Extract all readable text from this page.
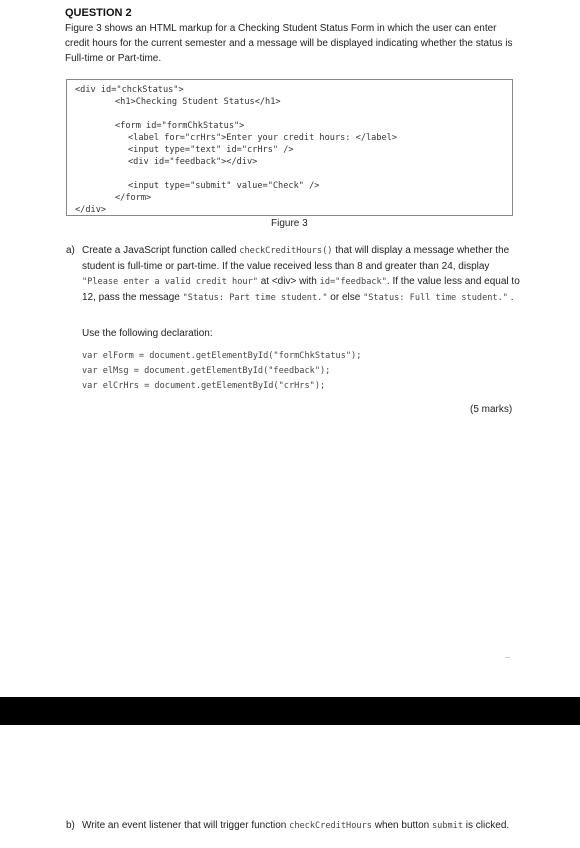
QUESTION 2
Figure 3 shows an HTML markup for a Checking Student Status Form in which the user can enter credit hours for the current semester and a message will be displayed indicating whether the status is Full-time or Part-time.
<div id="chckStatus">
<h1>Checking Student Status</h1>
<form id="formChkStatus">
<label for="crHrs">Enter your credit hours: </label>
<input type="text" id="crHrs" />
<div id="feedback"></div>
<input type="submit" value="Check" />
</form>
</div>
Figure 3
a) Create a JavaScript function called checkCreditHours() that will display a message whether the student is full-time or part-time. If the value received less than 8 and greater than 24, display "Please enter a valid credit hour" at <div> with id="feedback". If the value less and equal to 12, pass the message "Status: Part time student." or else "Status: Full time student." .
Use the following declaration:
var elForm = document.getElementById("formChkStatus");
var elMsg = document.getElementById("feedback");
var elCrHrs = document.getElementById("crHrs");
(5 marks)
b) Write an event listener that will trigger function checkCreditHours when button submit is clicked.
